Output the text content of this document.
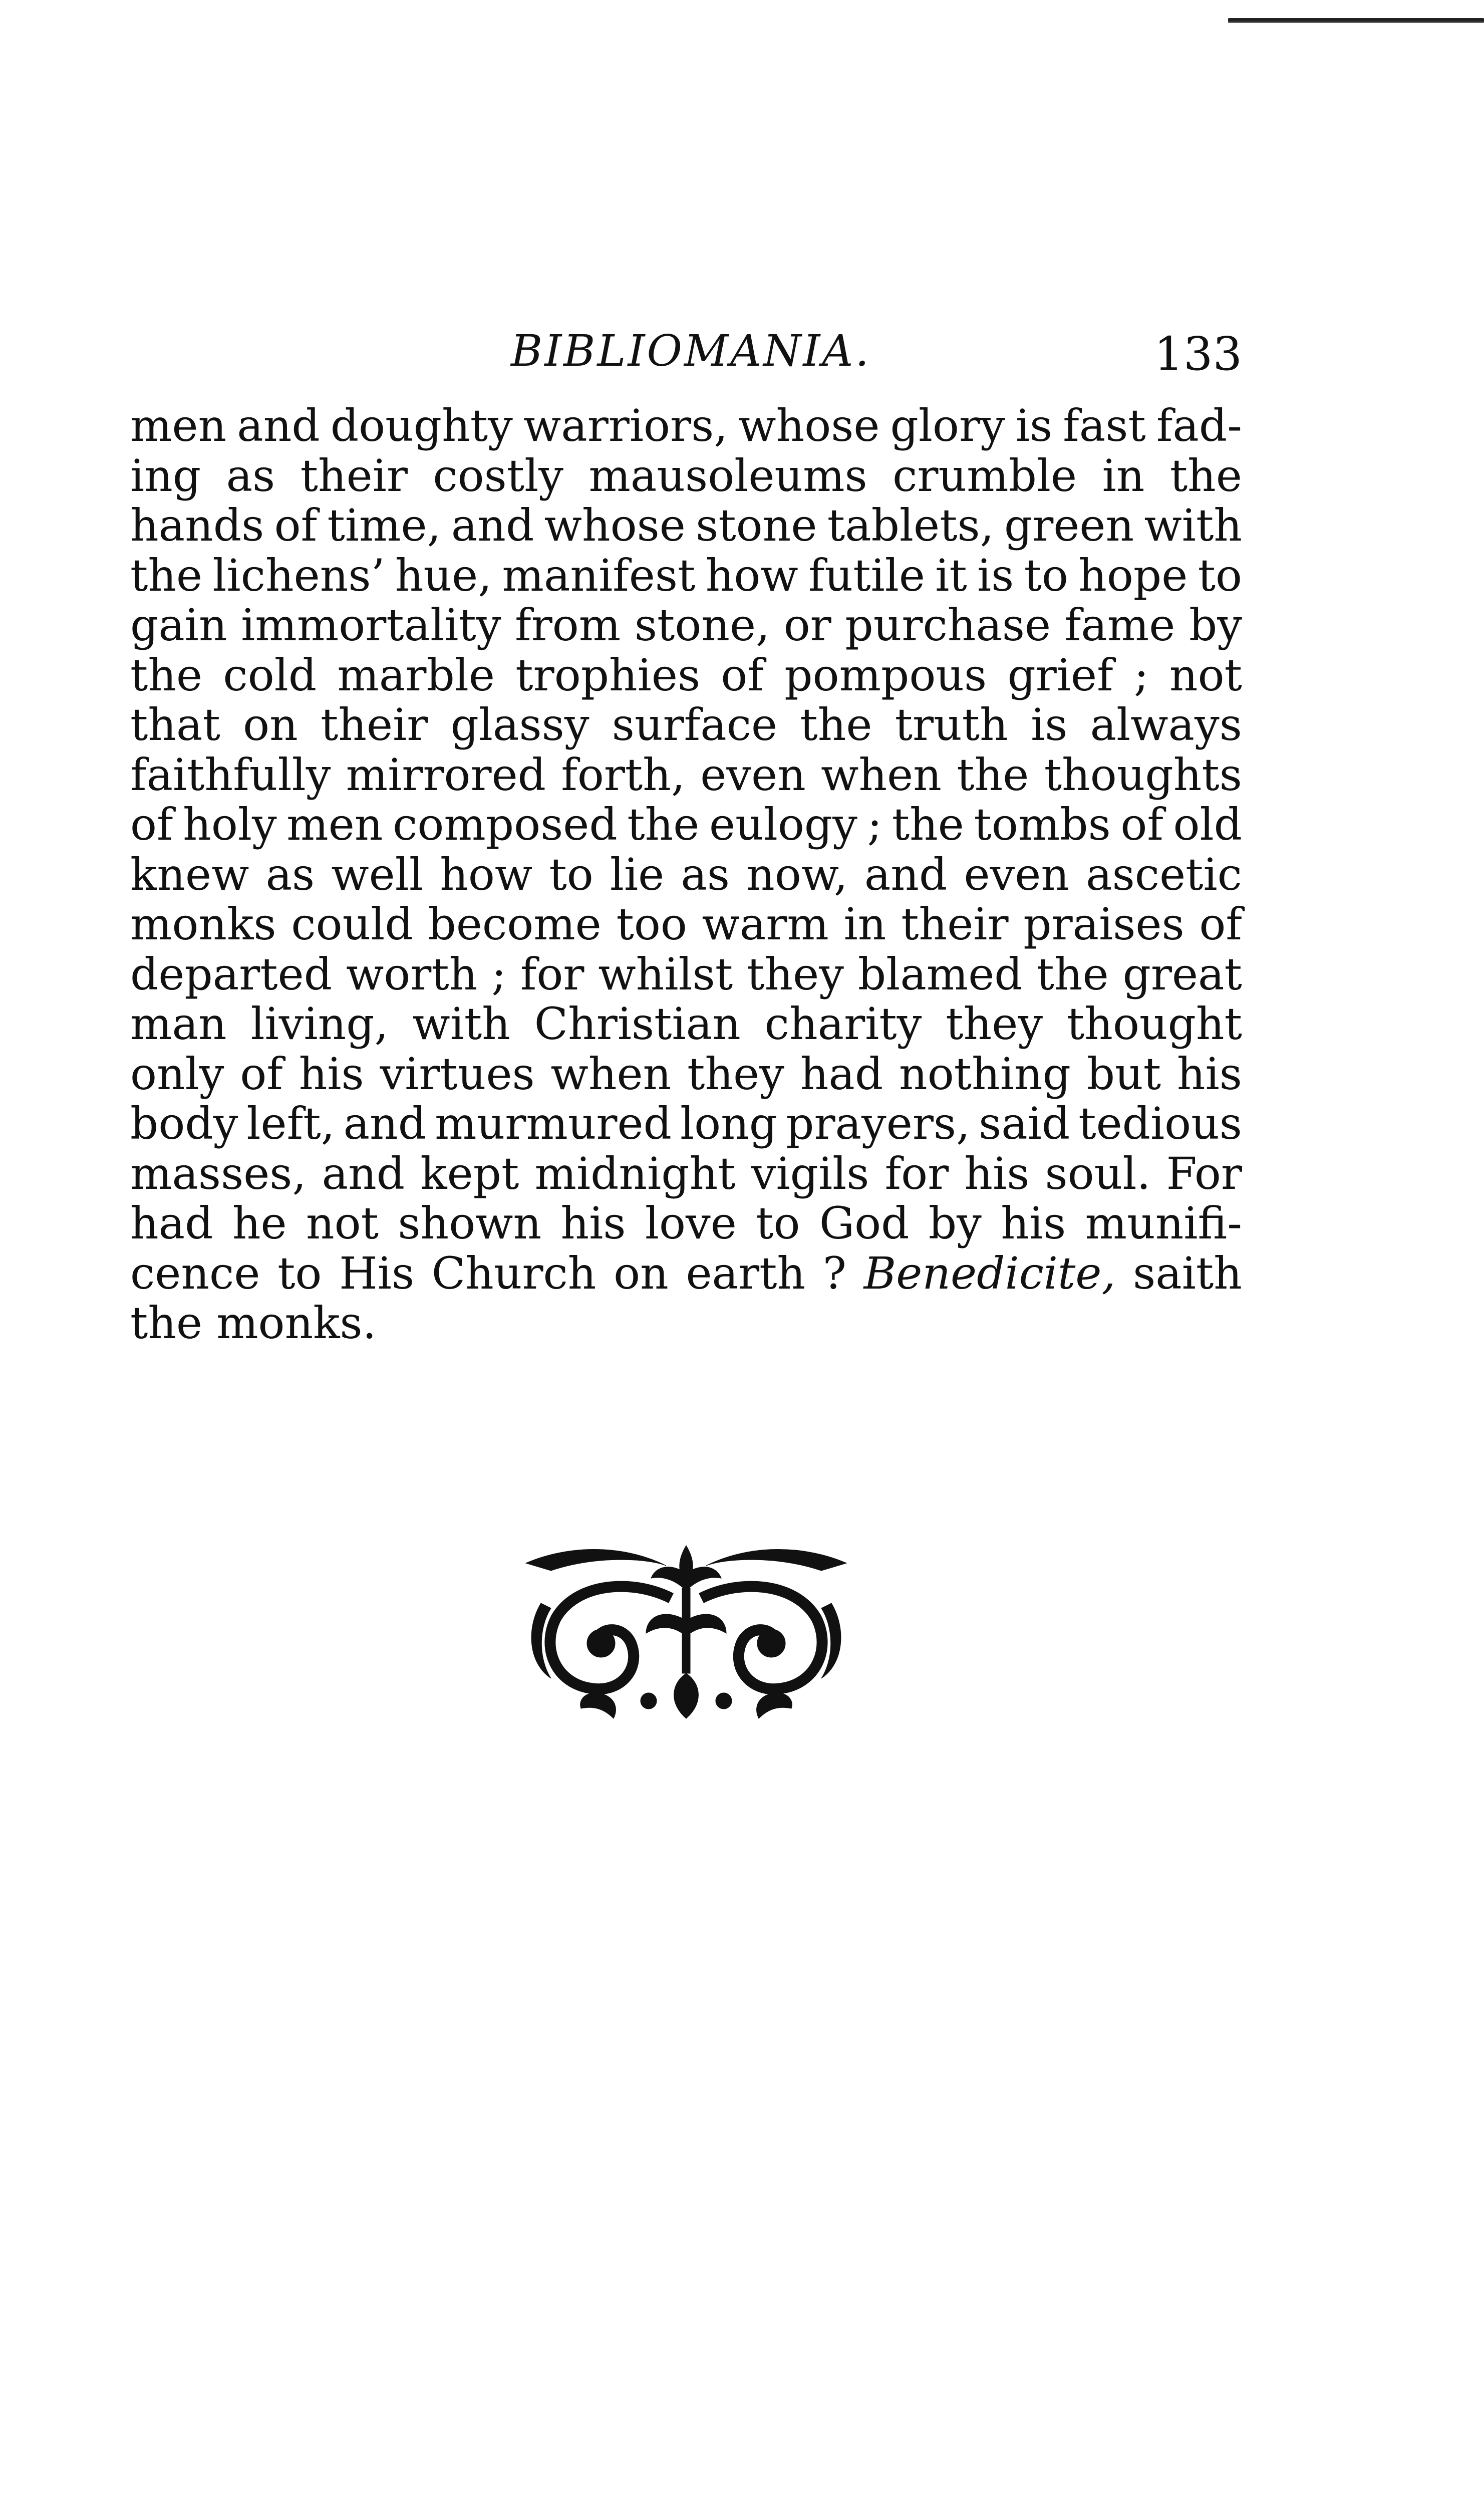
BIBLIOMANIA.	133
men and doughty warriors, whose glory is fast fad-
ing as their costly mausoleums crumble in the
hands of time, and whose stone tablets, green with
the lichens’ hue, manifest how futile it is to hope to
gain immortality from stone, or purchase fame by
the cold marble trophies of pompous grief ; not
that on their glassy surface the truth is always
faithfully mirrored forth, even when the thoughts
of holy men composed the eulogy ; the tombs of old
knew as well how to lie as now, and even ascetic
monks could become too warm in their praises of
departed worth ; for whilst they blamed the great
man living, with Christian charity they thought
only of his virtues when they had nothing but his
body left, and murmured long prayers, said tedious
masses, and kept midnight vigils for his soul. For
had he not shown his love to God by his munifi-
cence to His Church on earth ? Benedicite, saith
the monks.
